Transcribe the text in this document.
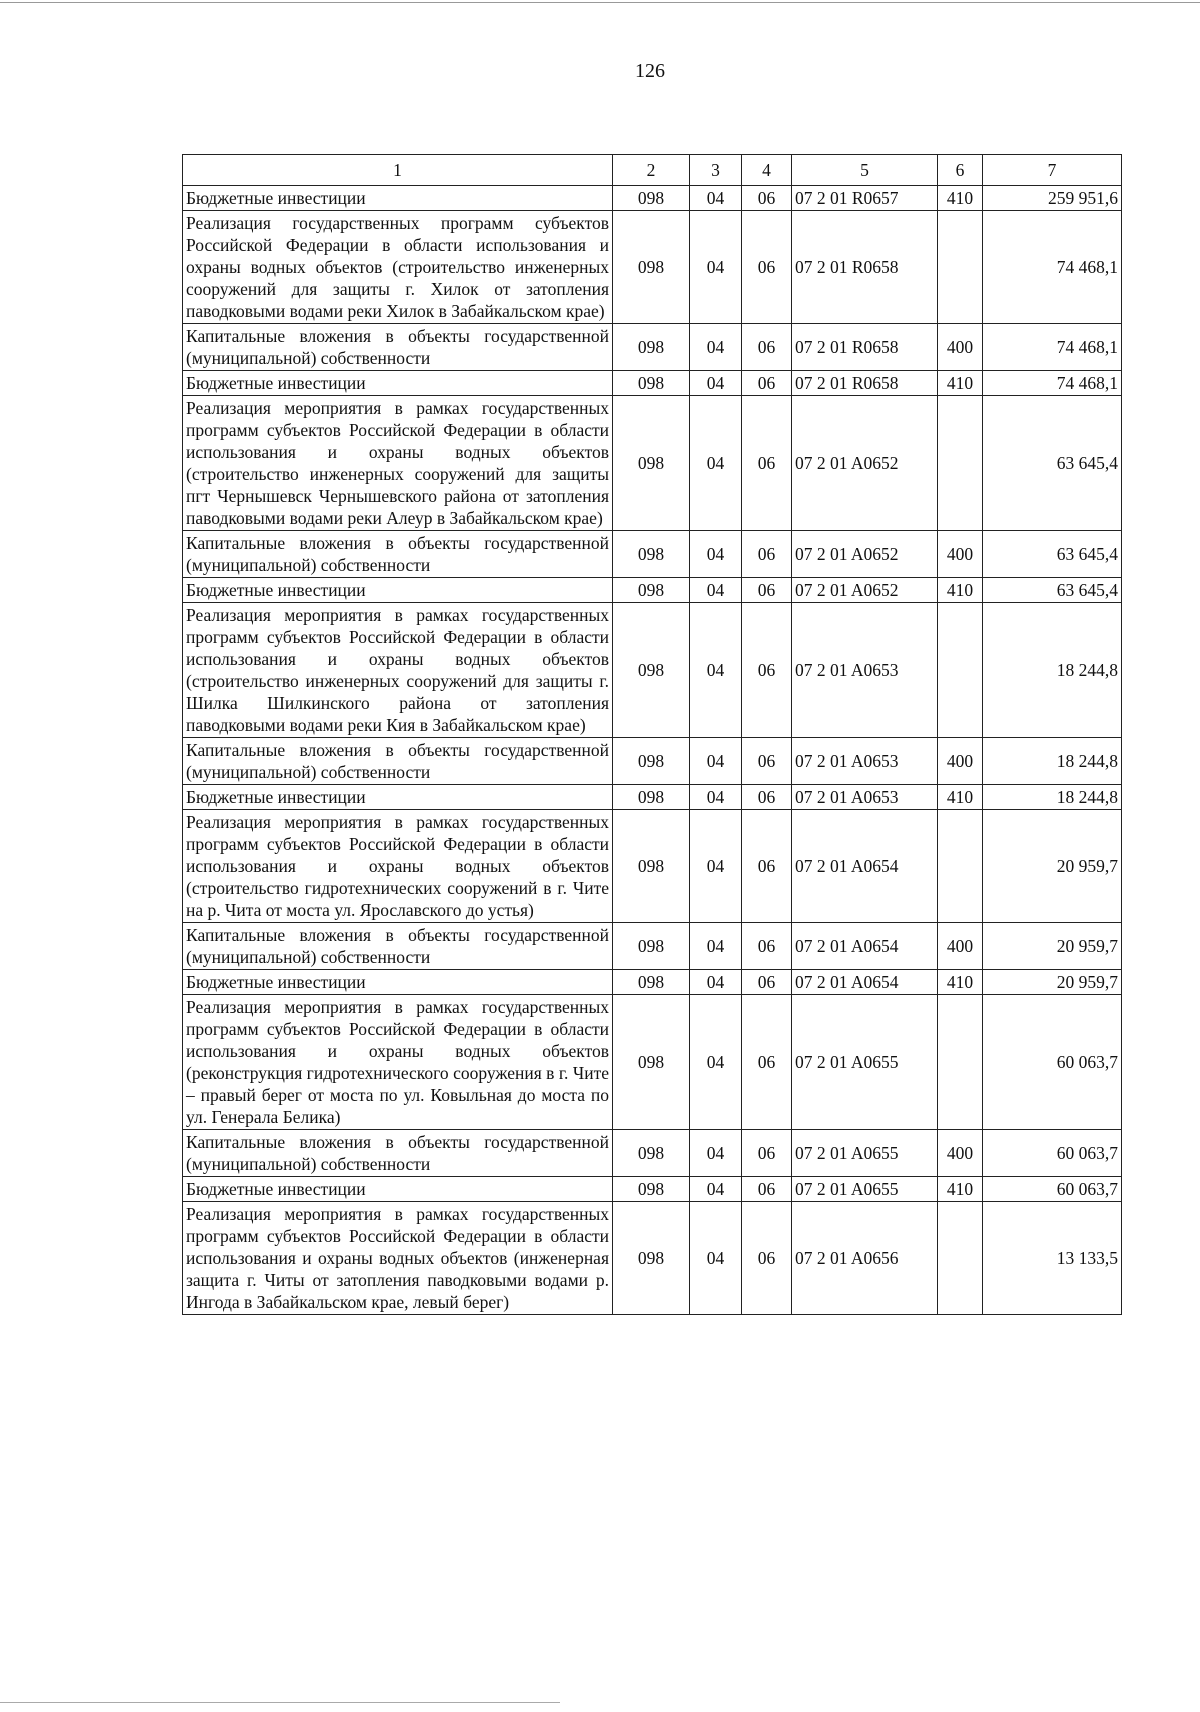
126
1	2	3	4	5	6	7
Бюджетные инвестиции	098	04	06	07 2 01 R0657	410	259 951,6
Реализация государственных программ субъектов Российской Федерации в области использования и охраны водных объектов (строительство инженерных сооружений для защиты г. Хилок от затопления паводковыми водами реки Хилок в Забайкальском крае)	098	04	06	07 2 01 R0658		74 468,1
Капитальные вложения в объекты государственной (муниципальной) собственности	098	04	06	07 2 01 R0658	400	74 468,1
Бюджетные инвестиции	098	04	06	07 2 01 R0658	410	74 468,1
Реализация мероприятия в рамках государственных программ субъектов Российской Федерации в области использования и охраны водных объектов (строительство инженерных сооружений для защиты пгт Чернышевск Чернышевского района от затопления паводковыми водами реки Алеур в Забайкальском крае)	098	04	06	07 2 01 A0652		63 645,4
Капитальные вложения в объекты государственной (муниципальной) собственности	098	04	06	07 2 01 A0652	400	63 645,4
Бюджетные инвестиции	098	04	06	07 2 01 A0652	410	63 645,4
Реализация мероприятия в рамках государственных программ субъектов Российской Федерации в области использования и охраны водных объектов (строительство инженерных сооружений для защиты г. Шилка Шилкинского района от затопления паводковыми водами реки Кия в Забайкальском крае)	098	04	06	07 2 01 A0653		18 244,8
Капитальные вложения в объекты государственной (муниципальной) собственности	098	04	06	07 2 01 A0653	400	18 244,8
Бюджетные инвестиции	098	04	06	07 2 01 A0653	410	18 244,8
Реализация мероприятия в рамках государственных программ субъектов Российской Федерации в области использования и охраны водных объектов (строительство гидротехнических сооружений в г. Чите на р. Чита от моста ул. Ярославского до устья)	098	04	06	07 2 01 A0654		20 959,7
Капитальные вложения в объекты государственной (муниципальной) собственности	098	04	06	07 2 01 A0654	400	20 959,7
Бюджетные инвестиции	098	04	06	07 2 01 A0654	410	20 959,7
Реализация мероприятия в рамках государственных программ субъектов Российской Федерации в области использования и охраны водных объектов (реконструкция гидротехнического сооружения в г. Чите – правый берег от моста по ул. Ковыльная до моста по ул. Генерала Белика)	098	04	06	07 2 01 A0655		60 063,7
Капитальные вложения в объекты государственной (муниципальной) собственности	098	04	06	07 2 01 A0655	400	60 063,7
Бюджетные инвестиции	098	04	06	07 2 01 A0655	410	60 063,7
Реализация мероприятия в рамках государственных программ субъектов Российской Федерации в области использования и охраны водных объектов (инженерная защита г. Читы от затопления паводковыми водами р. Ингода в Забайкальском крае, левый берег)	098	04	06	07 2 01 A0656		13 133,5
